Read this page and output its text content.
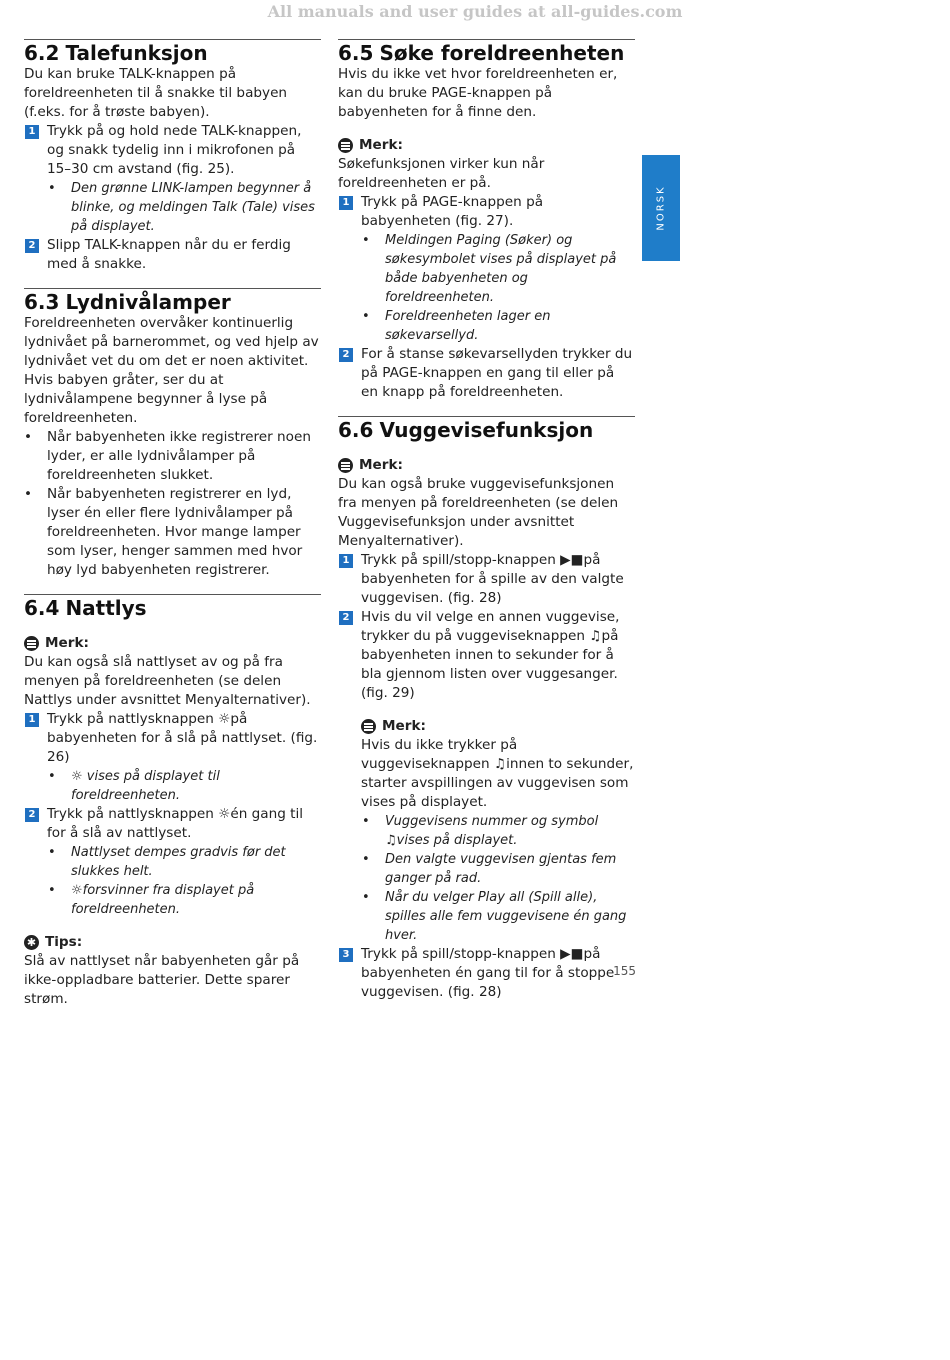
All manuals and user guides at all-guides.com
6.2 Talefunksjon

Du kan bruke TALK-knappen på foreldreenheten til å snakke til babyen (f.eks. for å trøste babyen).

1 Trykk på og hold nede TALK-knappen, og snakk tydelig inn i mikrofonen på 15–30 cm avstand (fig. 25).
• Den grønne LINK-lampen begynner å blinke, og meldingen Talk (Tale) vises på displayet.
2 Slipp TALK-knappen når du er ferdig med å snakke.
6.3 Lydnivålamper

Foreldreenheten overvåker kontinuerlig lydnivået på barnerommet, og ved hjelp av lydnivået vet du om det er noen aktivitet. Hvis babyen gråter, ser du at lydnivålampene begynner å lyse på foreldreenheten.

• Når babyenheten ikke registrerer noen lyder, er alle lydnivålamper på foreldreenheten slukket.
• Når babyenheten registrerer en lyd, lyser én eller flere lydnivålamper på foreldreenheten. Hvor mange lamper som lyser, henger sammen med hvor høy lyd babyenheten registrerer.
6.4 Nattlys
Merk:

Du kan også slå nattlyset av og på fra menyen på foreldreenheten (se delen Nattlys under avsnittet Menyalternativer).

1 Trykk på nattlysknappen ☼på babyenheten for å slå på nattlyset. (fig. 26)
• ☼ vises på displayet til foreldreenheten.
2 Trykk på nattlysknappen ☼én gang til for å slå av nattlyset.
• Nattlyset dempes gradvis før det slukkes helt.
• ☼forsvinner fra displayet på foreldreenheten.
✱ Tips:

Slå av nattlyset når babyenheten går på ikke-oppladbare batterier. Dette sparer strøm.

6.5 Søke foreldreenheten

Hvis du ikke vet hvor foreldreenheten er, kan du bruke PAGE-knappen på babyenheten for å finne den.

Merk:

Søkefunksjonen virker kun når foreldreenheten er på.

1 Trykk på PAGE-knappen på babyenheten (fig. 27).
• Meldingen Paging (Søker) og søkesymbolet vises på displayet på både babyenheten og foreldreenheten.
• Foreldreenheten lager en søkevarsellyd.
2 For å stanse søkevarsellyden trykker du på PAGE-knappen en gang til eller på en knapp på foreldreenheten.
6.6 Vuggevisefunksjon
Merk:

Du kan også bruke vuggevisefunksjonen fra menyen på foreldreenheten (se delen Vuggevisefunksjon under avsnittet Menyalternativer).

1 Trykk på spill/stopp-knappen ▶■på babyenheten for å spille av den valgte vuggevisen. (fig. 28)
2 Hvis du vil velge en annen vuggevise, trykker du på vuggeviseknappen ♫på babyenheten innen to sekunder for å bla gjennom listen over vuggesanger. (fig. 29)
Merk:

Hvis du ikke trykker på vuggeviseknappen ♫innen to sekunder, starter avspillingen av vuggevisen som vises på displayet.

• Vuggevisens nummer og symbol ♫vises på displayet.
• Den valgte vuggevisen gjentas fem ganger på rad.
• Når du velger Play all (Spill alle), spilles alle fem vuggevisene én gang hver.
3 Trykk på spill/stopp-knappen ▶■på babyenheten én gang til for å stoppe vuggevisen. (fig. 28)
NORSK
155
